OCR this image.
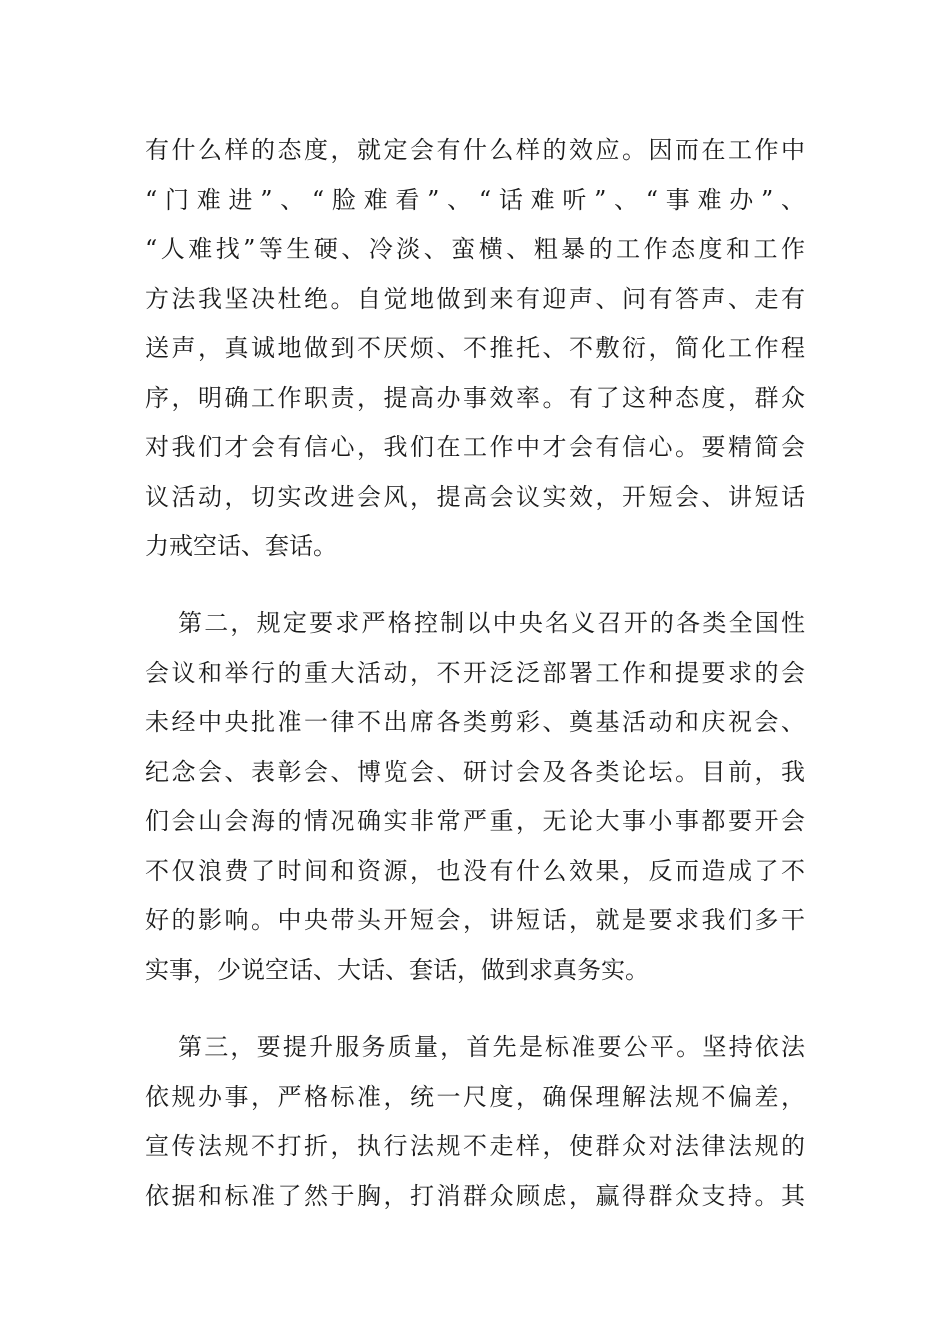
有什么样的态度，就定会有什么样的效应。因而在工作中
“门难进”、“脸难看”、“话难听”、“事难办”、
“人难找”等生硬、冷淡、蛮横、粗暴的工作态度和工作
方法我坚决杜绝。自觉地做到来有迎声、问有答声、走有
送声，真诚地做到不厌烦、不推托、不敷衍，简化工作程
序，明确工作职责，提高办事效率。有了这种态度，群众
对我们才会有信心，我们在工作中才会有信心。要精简会
议活动，切实改进会风，提高会议实效，开短会、讲短话
力戒空话、套话。
第二，规定要求严格控制以中央名义召开的各类全国性
会议和举行的重大活动，不开泛泛部署工作和提要求的会
未经中央批准一律不出席各类剪彩、奠基活动和庆祝会、
纪念会、表彰会、博览会、研讨会及各类论坛。目前，我
们会山会海的情况确实非常严重，无论大事小事都要开会
不仅浪费了时间和资源，也没有什么效果，反而造成了不
好的影响。中央带头开短会，讲短话，就是要求我们多干
实事，少说空话、大话、套话，做到求真务实。
第三，要提升服务质量，首先是标准要公平。坚持依法
依规办事，严格标准，统一尺度，确保理解法规不偏差，
宣传法规不打折，执行法规不走样，使群众对法律法规的
依据和标准了然于胸，打消群众顾虑，赢得群众支持。其
